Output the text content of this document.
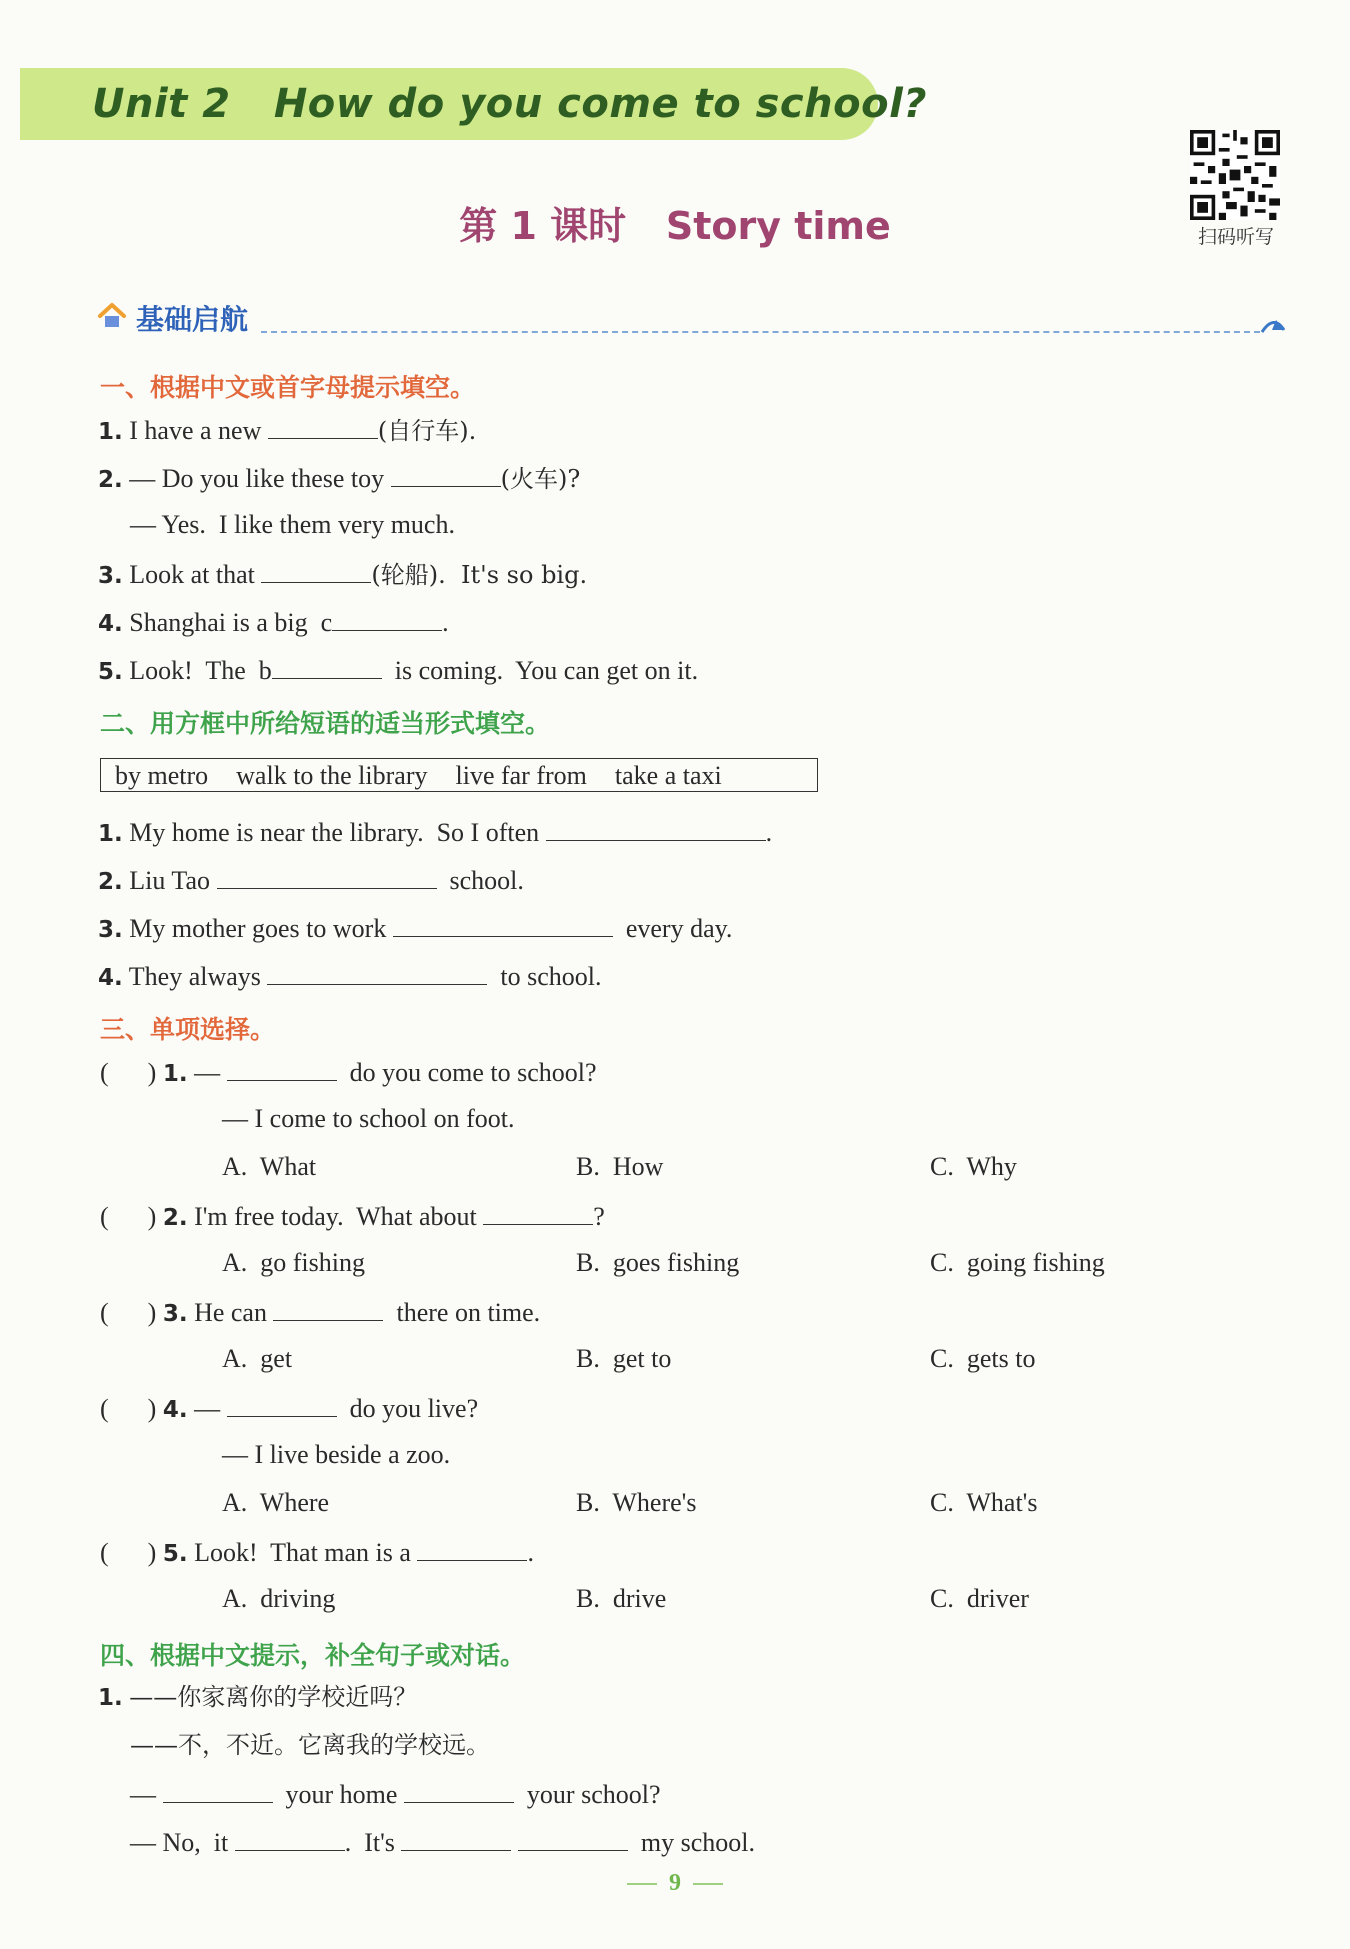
Unit 2   How do you come to school?
第 1 课时   Story time	扫码听写
基础启航
一、根据中文或首字母提示填空。
1. I have a new	(自行车).
2. — Do you like these toy	(火车)?
— Yes.  I like them very much.
3. Look at that	(轮船).  It's so big.
4. Shanghai is a big  c	.
5. Look!  The  b	is coming.  You can get on it.
二、用方框中所给短语的适当形式填空。
by metro walk to the library live far from take a taxi
1. My home is near the library.  So I often	.
2. Liu Tao	school.
3. My mother goes to work	every day.
4. They always	to school.
三、单项选择。
(      ) 1. —	do you come to school?
— I come to school on foot.
A.  What	B.  How	C.  Why
(      ) 2. I'm free today.  What about	?
A.  go fishing	B.  goes fishing	C.  going fishing
(      ) 3. He can	there on time.
A.  get	B.  get to	C.  gets to
(      ) 4. —	do you live?
— I live beside a zoo.
A.  Where	B.  Where's	C.  What's
(      ) 5. Look!  That man is a	.
A.  driving	B.  drive	C.  driver
四、根据中文提示，补全句子或对话。
1. ——你家离你的学校近吗？
——不，不近。它离我的学校远。
—	your home	your school?
— No,  it	.  It's	my school.
9
